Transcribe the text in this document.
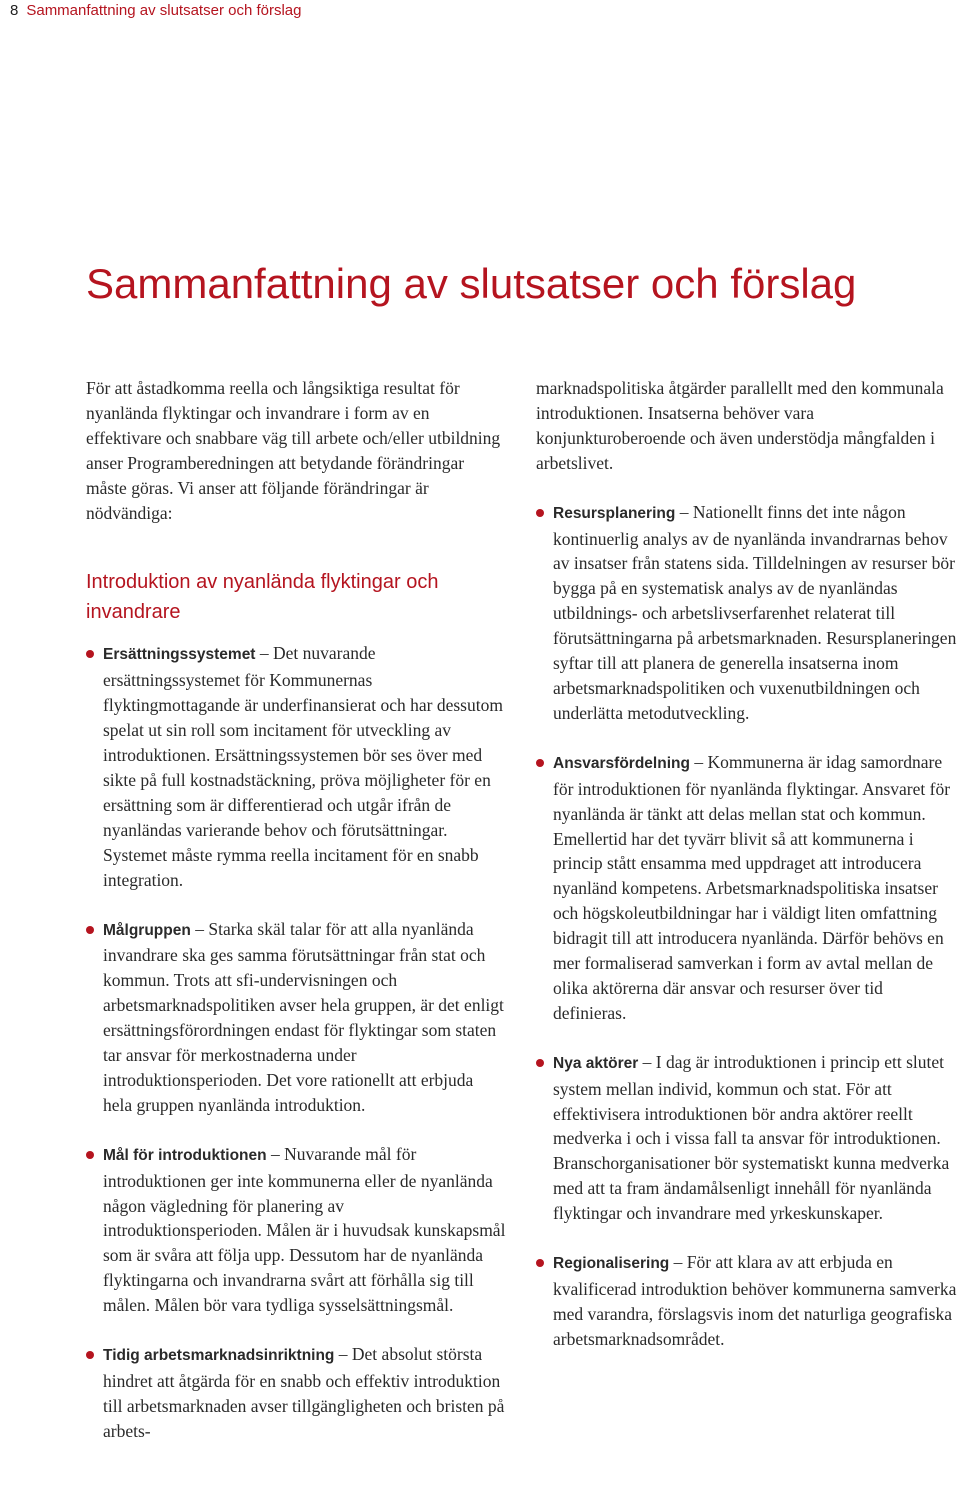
8 Sammanfattning av slutsatser och förslag
Sammanfattning av slutsatser och förslag

För att åstadkomma reella och långsiktiga resultat för nyanlända flyktingar och invandrare i form av en effektivare och snabbare väg till arbete och/eller utbildning anser Programberedningen att betydande förändringar måste göras. Vi anser att följande förändringar är nödvändiga:

Introduktion av nyanlända flyktingar och invandrare

Ersättningssystemet – Det nuvarande ersättningssystemet för Kommunernas flyktingmottagande är underfinansierat och har dessutom spelat ut sin roll som incitament för utveckling av introduktionen. Ersättningssystemen bör ses över med sikte på full kostnadstäckning, pröva möjligheter för en ersättning som är differentierad och utgår ifrån de nyanländas varierande behov och förutsättningar. Systemet måste rymma reella incitament för en snabb integration.

Målgruppen – Starka skäl talar för att alla nyanlända invandrare ska ges samma förutsättningar från stat och kommun. Trots att sfi-undervisningen och arbetsmarknadspolitiken avser hela gruppen, är det enligt ersättningsförordningen endast för flyktingar som staten tar ansvar för merkostnaderna under introduktionsperioden. Det vore rationellt att erbjuda hela gruppen nyanlända introduktion.

Mål för introduktionen – Nuvarande mål för introduktionen ger inte kommunerna eller de nyanlända någon vägledning för planering av introduktionsperioden. Målen är i huvudsak kunskapsmål som är svåra att följa upp. Dessutom har de nyanlända flyktingarna och invandrarna svårt att förhålla sig till målen. Målen bör vara tydliga sysselsättningsmål.

Tidig arbetsmarknadsinriktning – Det absolut största hindret att åtgärda för en snabb och effektiv introduktion till arbetsmarknaden avser tillgängligheten och bristen på arbets-

marknadspolitiska åtgärder parallellt med den kommunala introduktionen. Insatserna behöver vara konjunkturoberoende och även understödja mångfalden i arbetslivet.

Resursplanering – Nationellt finns det inte någon kontinuerlig analys av de nyanlända invandrarnas behov av insatser från statens sida. Tilldelningen av resurser bör bygga på en systematisk analys av de nyanländas utbildnings- och arbetslivserfarenhet relaterat till förutsättningarna på arbetsmarknaden. Resursplaneringen syftar till att planera de generella insatserna inom arbetsmarknadspolitiken och vuxenutbildningen och underlätta metodutveckling.

Ansvarsfördelning – Kommunerna är idag samordnare för introduktionen för nyanlända flyktingar. Ansvaret för nyanlända är tänkt att delas mellan stat och kommun. Emellertid har det tyvärr blivit så att kommunerna i princip stått ensamma med uppdraget att introducera nyanländ kompetens. Arbetsmarknadspolitiska insatser och högskoleutbildningar har i väldigt liten omfattning bidragit till att introducera nyanlända. Därför behövs en mer formaliserad samverkan i form av avtal mellan de olika aktörerna där ansvar och resurser över tid definieras.

Nya aktörer – I dag är introduktionen i princip ett slutet system mellan individ, kommun och stat. För att effektivisera introduktionen bör andra aktörer reellt medverka i och i vissa fall ta ansvar för introduktionen. Branschorganisationer bör systematiskt kunna medverka med att ta fram ändamålsenligt innehåll för nyanlända flyktingar och invandrare med yrkeskunskaper.

Regionalisering – För att klara av att erbjuda en kvalificerad introduktion behöver kommunerna samverka med varandra, förslagsvis inom det naturliga geografiska arbetsmarknadsområdet.
